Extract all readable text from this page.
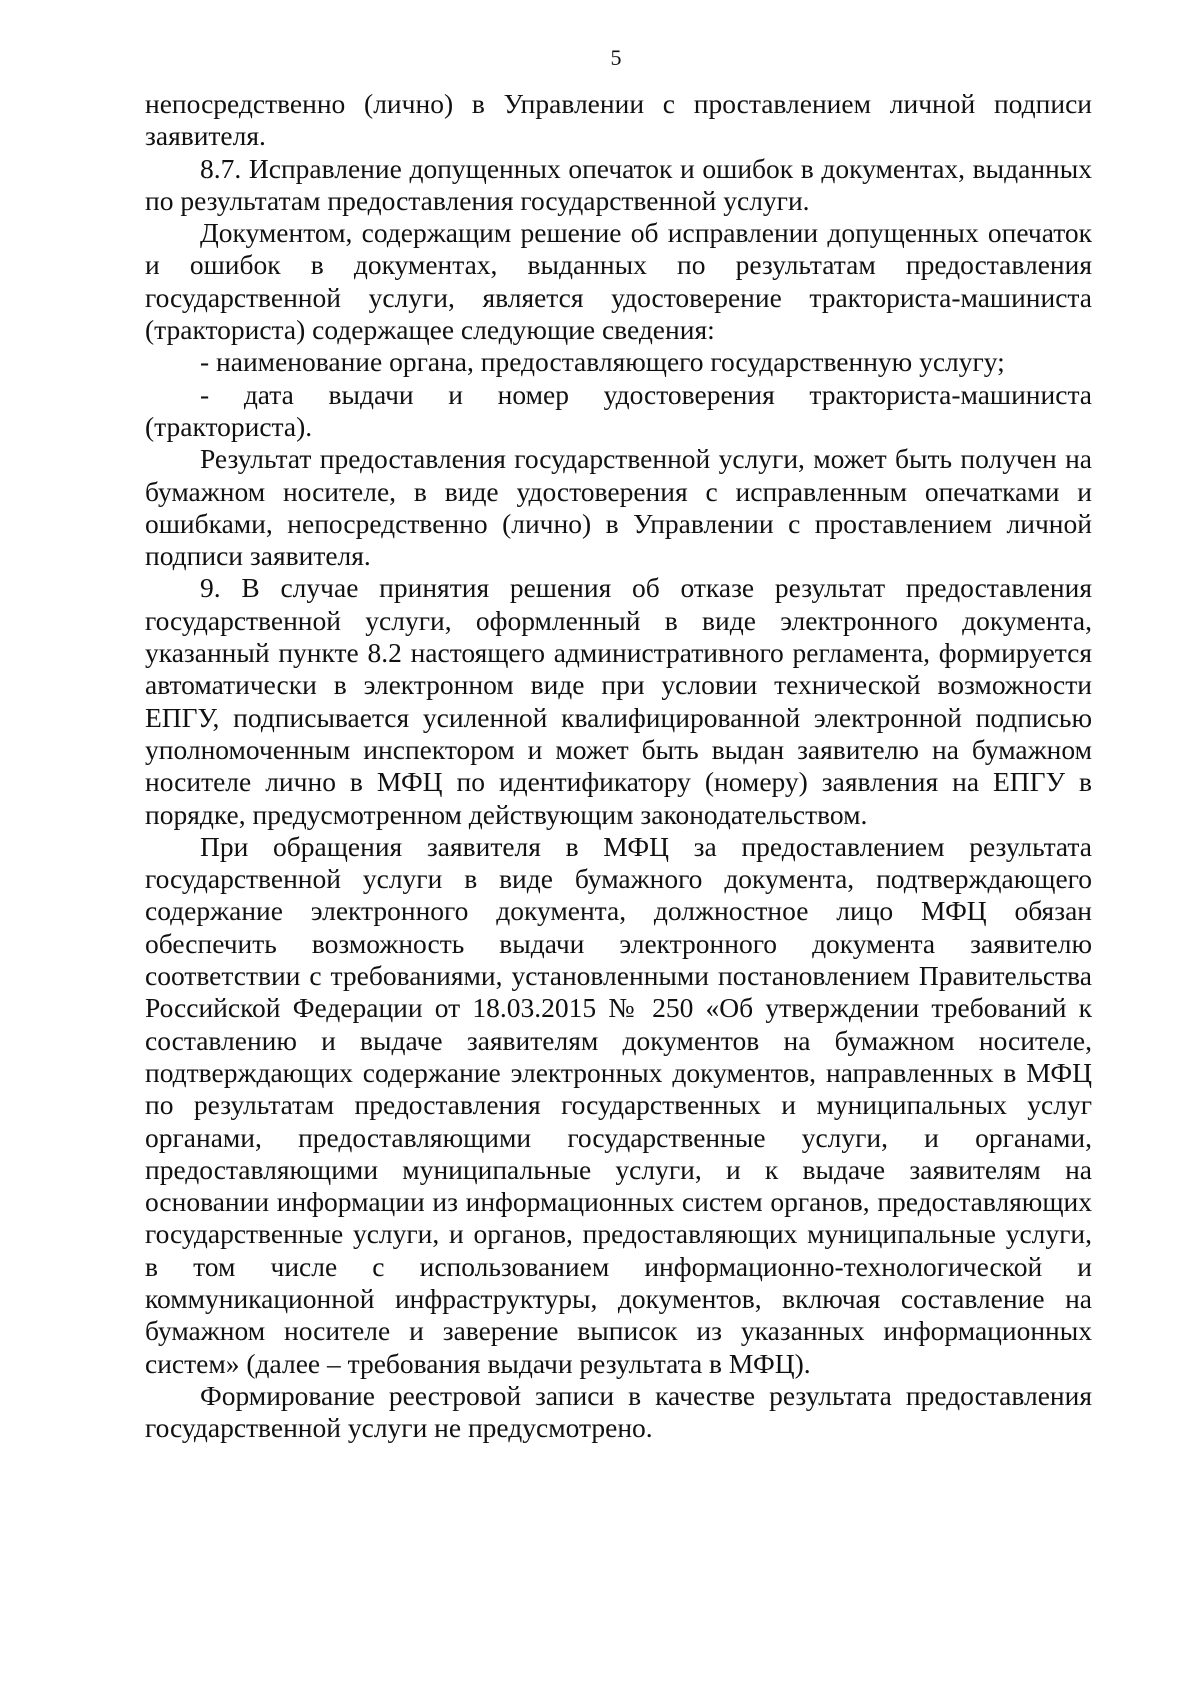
5

непосредственно (лично) в Управлении с проставлением личной подписи заявителя.

8.7. Исправление допущенных опечаток и ошибок в документах, выданных по результатам предоставления государственной услуги.

Документом, содержащим решение об исправлении допущенных опечаток и ошибок в документах, выданных по результатам предоставления государственной услуги, является удостоверение тракториста-машиниста (тракториста) содержащее следующие сведения:

- наименование органа, предоставляющего государственную услугу;

- дата выдачи и номер удостоверения тракториста-машиниста (тракториста).

Результат предоставления государственной услуги, может быть получен на бумажном носителе, в виде удостоверения с исправленным опечатками и ошибками, непосредственно (лично) в Управлении с проставлением личной подписи заявителя.

9. В случае принятия решения об отказе результат предоставления государственной услуги, оформленный в виде электронного документа, указанный пункте 8.2 настоящего административного регламента, формируется автоматически в электронном виде при условии технической возможности ЕПГУ, подписывается усиленной квалифицированной электронной подписью уполномоченным инспектором и может быть выдан заявителю на бумажном носителе лично в МФЦ по идентификатору (номеру) заявления на ЕПГУ в порядке, предусмотренном действующим законодательством.

При обращения заявителя в МФЦ за предоставлением результата государственной услуги в виде бумажного документа, подтверждающего содержание электронного документа, должностное лицо МФЦ обязан обеспечить возможность выдачи электронного документа заявителю соответствии с требованиями, установленными постановлением Правительства Российской Федерации от 18.03.2015 № 250 «Об утверждении требований к составлению и выдаче заявителям документов на бумажном носителе, подтверждающих содержание электронных документов, направленных в МФЦ по результатам предоставления государственных и муниципальных услуг органами, предоставляющими государственные услуги, и органами, предоставляющими муниципальные услуги, и к выдаче заявителям на основании информации из информационных систем органов, предоставляющих государственные услуги, и органов, предоставляющих муниципальные услуги, в том числе с использованием информационно-технологической и коммуникационной инфраструктуры, документов, включая составление на бумажном носителе и заверение выписок из указанных информационных систем» (далее – требования выдачи результата в МФЦ).

Формирование реестровой записи в качестве результата предоставления государственной услуги не предусмотрено.
